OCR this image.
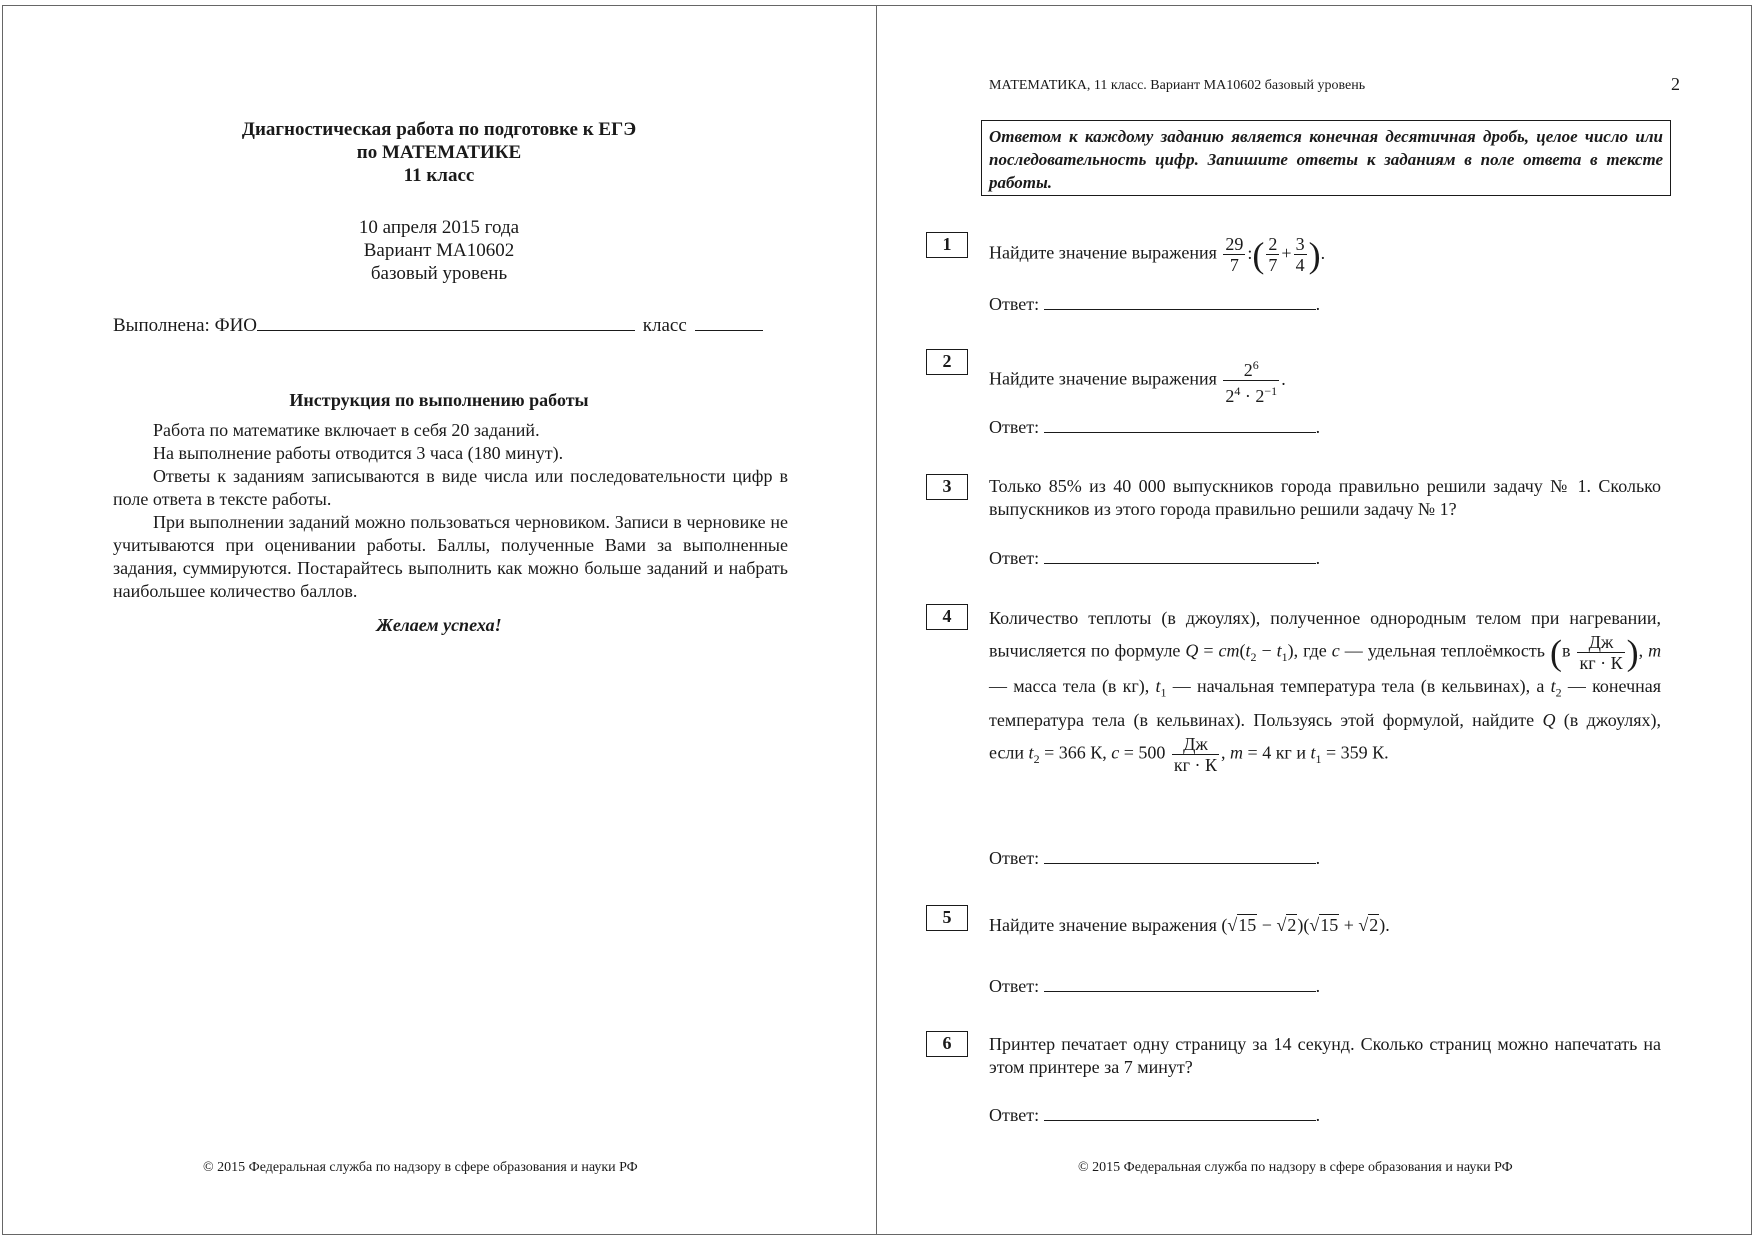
Диагностическая работа по подготовке к ЕГЭ
по МАТЕМАТИКЕ
11 класс
10 апреля 2015 года
Вариант МА10602
базовый уровень
Выполнена: ФИО	класс
Инструкция по выполнению работы

Работа по математике включает в себя 20 заданий.

На выполнение работы отводится 3 часа (180 минут).

Ответы к заданиям записываются в виде числа или последовательности цифр в поле ответа в тексте работы.

При выполнении заданий можно пользоваться черновиком. Записи в черновике не учитываются при оценивании работы. Баллы, полученные Вами за выполненные задания, суммируются. Постарайтесь выполнить как можно больше заданий и набрать наибольшее количество баллов.

Желаем успеха!
© 2015 Федеральная служба по надзору в сфере образования и науки РФ
МАТЕМАТИКА, 11 класс. Вариант МА10602 базовый уровень	2
Ответом к каждому заданию является конечная десятичная дробь, целое число или последовательность цифр. Запишите ответы к заданиям в поле ответа в тексте работы.
1	Найдите значение выражения $\frac{29}{7}$ :( $\frac{2}{7} + \frac{3}{4}$ ).
Ответ:	.
2
Найдите значение выражения $\frac{2^6}{2^4 \cdot 2^{-1}}$ .
Ответ:	.
3	Только 85% из 40 000 выпускников города правильно решили задачу № 1. Сколько выпускников из этого города правильно решили задачу № 1?
Ответ:	.
4	Количество теплоты (в джоулях), полученное однородным телом при нагревании, вычисляется по формуле $Q = cm(t_2 - t_1)$, где c — удельная теплоёмкость ($в \frac{Дж}{кг \cdot К}$ ), m — масса тела (в кг), $t_1$ — начальная температура тела (в кельвинах), а $t_2$ — конечная температура тела (в кельвинах). Пользуясь этой формулой, найдите Q (в джоулях), если $t_2 = 366$ К, $c = 500 \frac{Дж}{кг \cdot К}$ , m = 4 кг и $t_1 = 359$ К.
Ответ:	.
5	Найдите значение выражения (√15 − √2)(√15 + √2).
Ответ:	.
6	Принтер печатает одну страницу за 14 секунд. Сколько страниц можно напечатать на этом принтере за 7 минут?
Ответ:	.
© 2015 Федеральная служба по надзору в сфере образования и науки РФ
